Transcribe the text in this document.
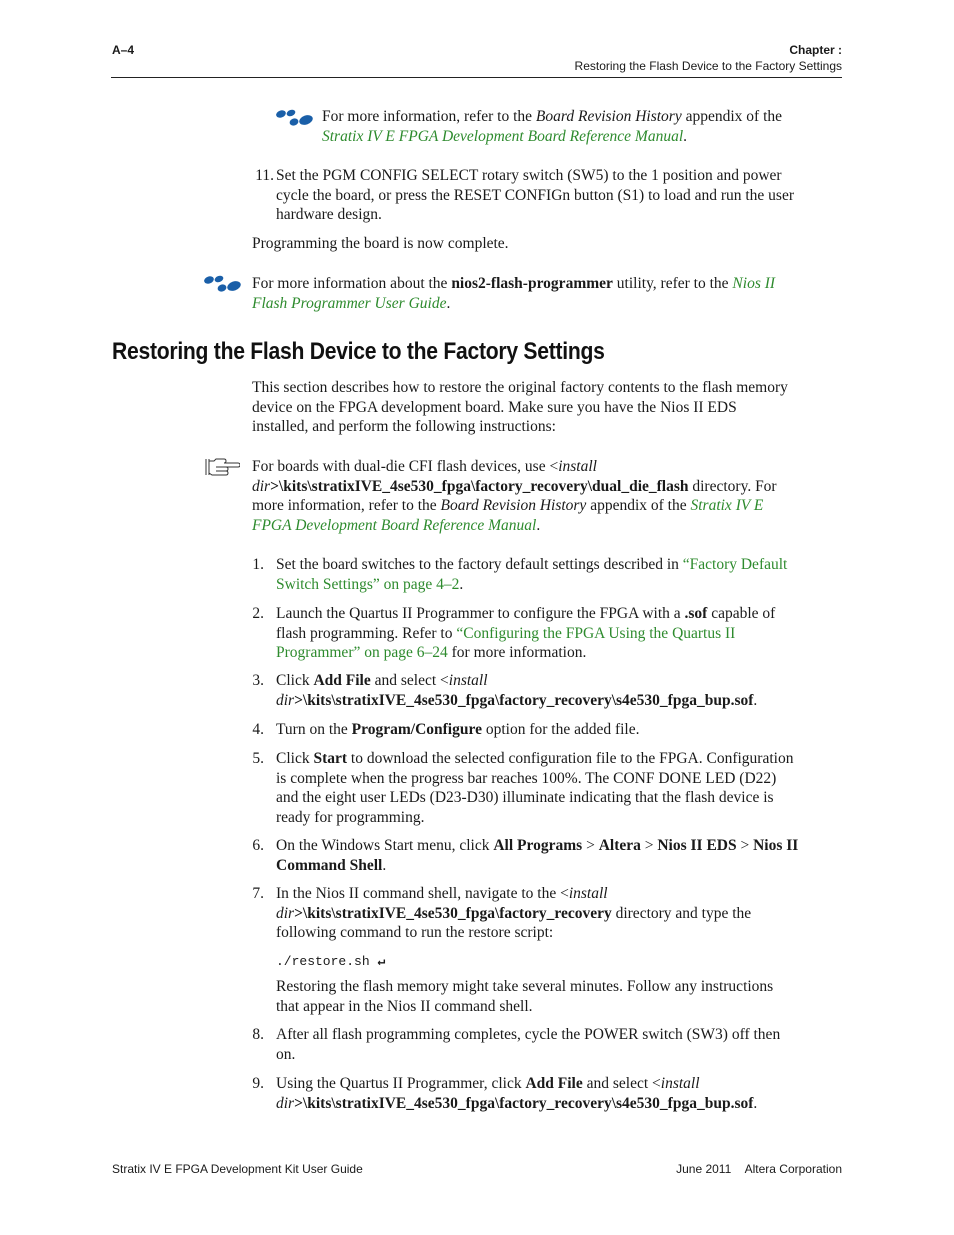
A–4	Chapter :
Restoring the Flash Device to the Factory Settings
For more information, refer to the Board Revision History appendix of the
Stratix IV E FPGA Development Board Reference Manual.
11. Set the PGM CONFIG SELECT rotary switch (SW5) to the 1 position and power
cycle the board, or press the RESET CONFIGn button (S1) to load and run the user
hardware design.
Programming the board is now complete.
For more information about the nios2-flash-programmer utility, refer to the Nios II
Flash Programmer User Guide.
Restoring the Flash Device to the Factory Settings
This section describes how to restore the original factory contents to the flash memory
device on the FPGA development board. Make sure you have the Nios II EDS
installed, and perform the following instructions:
For boards with dual-die CFI flash devices, use <install
dir>\kits\stratixIVE_4se530_fpga\factory_recovery\dual_die_flash directory. For
more information, refer to the Board Revision History appendix of the Stratix IV E
FPGA Development Board Reference Manual.
1. Set the board switches to the factory default settings described in “Factory Default
Switch Settings” on page 4–2.
2. Launch the Quartus II Programmer to configure the FPGA with a .sof capable of
flash programming. Refer to “Configuring the FPGA Using the Quartus II
Programmer” on page 6–24 for more information.
3. Click Add File and select <install
dir>\kits\stratixIVE_4se530_fpga\factory_recovery\s4e530_fpga_bup.sof.
4. Turn on the Program/Configure option for the added file.
5. Click Start to download the selected configuration file to the FPGA. Configuration
is complete when the progress bar reaches 100%. The CONF DONE LED (D22)
and the eight user LEDs (D23-D30) illuminate indicating that the flash device is
ready for programming.
6. On the Windows Start menu, click All Programs > Altera > Nios II EDS > Nios II
Command Shell.
7. In the Nios II command shell, navigate to the <install
dir>\kits\stratixIVE_4se530_fpga\factory_recovery directory and type the
following command to run the restore script:
./restore.sh ↵
Restoring the flash memory might take several minutes. Follow any instructions
that appear in the Nios II command shell.
8. After all flash programming completes, cycle the POWER switch (SW3) off then
on.
9. Using the Quartus II Programmer, click Add File and select <install
dir>\kits\stratixIVE_4se530_fpga\factory_recovery\s4e530_fpga_bup.sof.
Stratix IV E FPGA Development Kit User Guide	June 2011 Altera Corporation
